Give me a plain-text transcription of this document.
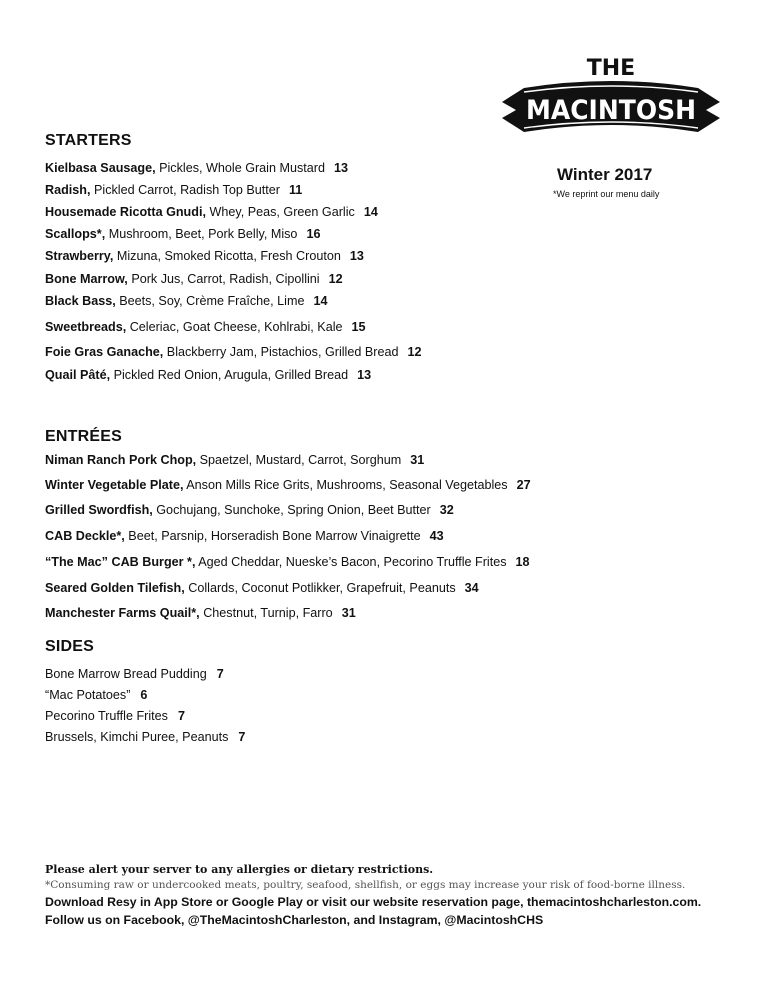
THE
MACINTOSH
Winter 2017
*We reprint our menu daily
STARTERS
Kielbasa Sausage, Pickles, Whole Grain Mustard 13
Radish, Pickled Carrot, Radish Top Butter 11
Housemade Ricotta Gnudi, Whey, Peas, Green Garlic 14
Scallops*, Mushroom, Beet, Pork Belly, Miso 16
Strawberry, Mizuna, Smoked Ricotta, Fresh Crouton 13
Bone Marrow, Pork Jus, Carrot, Radish, Cipollini 12
Black Bass, Beets, Soy, Crème Fraîche, Lime 14
Sweetbreads, Celeriac, Goat Cheese, Kohlrabi, Kale 15
Foie Gras Ganache, Blackberry Jam, Pistachios, Grilled Bread 12
Quail Pâté, Pickled Red Onion, Arugula, Grilled Bread 13
ENTRÉES
Niman Ranch Pork Chop, Spaetzel, Mustard, Carrot, Sorghum 31
Winter Vegetable Plate, Anson Mills Rice Grits, Mushrooms, Seasonal Vegetables 27
Grilled Swordfish, Gochujang, Sunchoke, Spring Onion, Beet Butter 32
CAB Deckle*, Beet, Parsnip, Horseradish Bone Marrow Vinaigrette 43
“The Mac” CAB Burger *, Aged Cheddar, Nueske’s Bacon, Pecorino Truffle Frites 18
Seared Golden Tilefish, Collards, Coconut Potlikker, Grapefruit, Peanuts 34
Manchester Farms Quail*, Chestnut, Turnip, Farro 31
SIDES
Bone Marrow Bread Pudding 7
“Mac Potatoes” 6
Pecorino Truffle Frites 7
Brussels, Kimchi Puree, Peanuts 7
Please alert your server to any allergies or dietary restrictions.
*Consuming raw or undercooked meats, poultry, seafood, shellfish, or eggs may increase your risk of food-borne illness.
Download Resy in App Store or Google Play or visit our website reservation page, themacintoshcharleston.com.
Follow us on Facebook, @TheMacintoshCharleston, and Instagram, @MacintoshCHS
